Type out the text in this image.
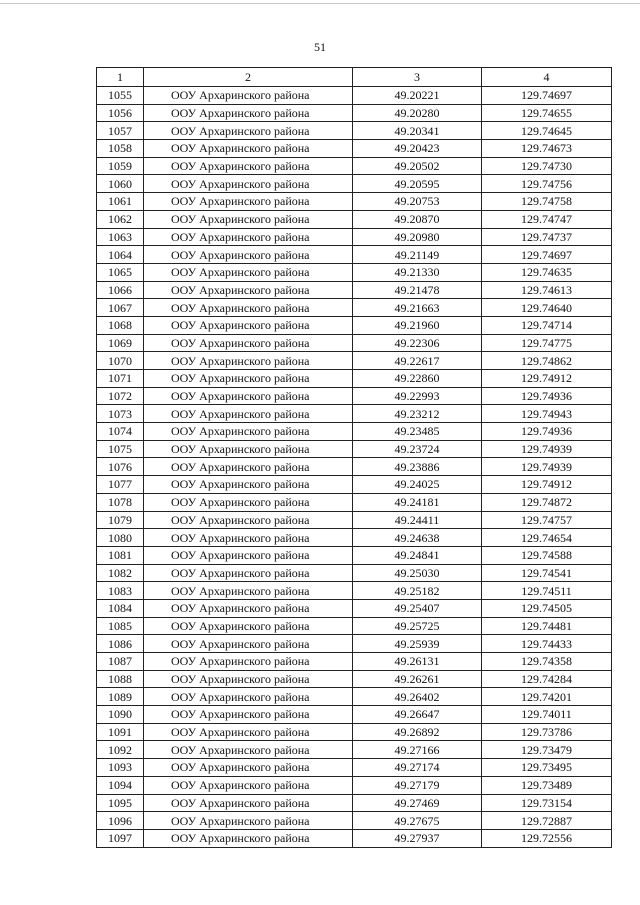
51
1	2	3	4
1055	ООУ Архаринского района	49.20221	129.74697
1056	ООУ Архаринского района	49.20280	129.74655
1057	ООУ Архаринского района	49.20341	129.74645
1058	ООУ Архаринского района	49.20423	129.74673
1059	ООУ Архаринского района	49.20502	129.74730
1060	ООУ Архаринского района	49.20595	129.74756
1061	ООУ Архаринского района	49.20753	129.74758
1062	ООУ Архаринского района	49.20870	129.74747
1063	ООУ Архаринского района	49.20980	129.74737
1064	ООУ Архаринского района	49.21149	129.74697
1065	ООУ Архаринского района	49.21330	129.74635
1066	ООУ Архаринского района	49.21478	129.74613
1067	ООУ Архаринского района	49.21663	129.74640
1068	ООУ Архаринского района	49.21960	129.74714
1069	ООУ Архаринского района	49.22306	129.74775
1070	ООУ Архаринского района	49.22617	129.74862
1071	ООУ Архаринского района	49.22860	129.74912
1072	ООУ Архаринского района	49.22993	129.74936
1073	ООУ Архаринского района	49.23212	129.74943
1074	ООУ Архаринского района	49.23485	129.74936
1075	ООУ Архаринского района	49.23724	129.74939
1076	ООУ Архаринского района	49.23886	129.74939
1077	ООУ Архаринского района	49.24025	129.74912
1078	ООУ Архаринского района	49.24181	129.74872
1079	ООУ Архаринского района	49.24411	129.74757
1080	ООУ Архаринского района	49.24638	129.74654
1081	ООУ Архаринского района	49.24841	129.74588
1082	ООУ Архаринского района	49.25030	129.74541
1083	ООУ Архаринского района	49.25182	129.74511
1084	ООУ Архаринского района	49.25407	129.74505
1085	ООУ Архаринского района	49.25725	129.74481
1086	ООУ Архаринского района	49.25939	129.74433
1087	ООУ Архаринского района	49.26131	129.74358
1088	ООУ Архаринского района	49.26261	129.74284
1089	ООУ Архаринского района	49.26402	129.74201
1090	ООУ Архаринского района	49.26647	129.74011
1091	ООУ Архаринского района	49.26892	129.73786
1092	ООУ Архаринского района	49.27166	129.73479
1093	ООУ Архаринского района	49.27174	129.73495
1094	ООУ Архаринского района	49.27179	129.73489
1095	ООУ Архаринского района	49.27469	129.73154
1096	ООУ Архаринского района	49.27675	129.72887
1097	ООУ Архаринского района	49.27937	129.72556
